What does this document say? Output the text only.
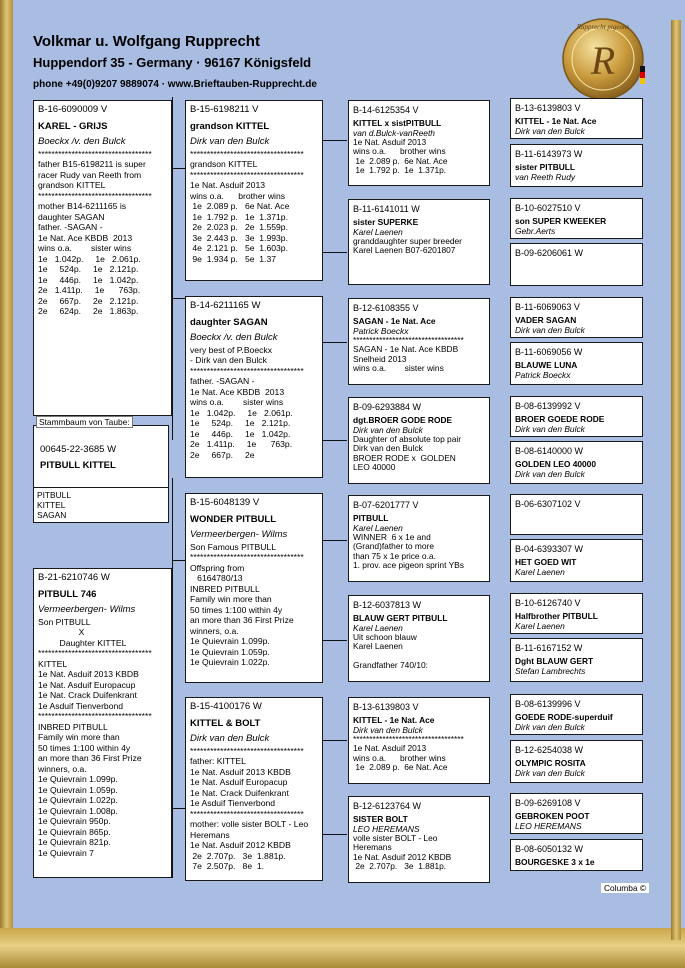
Volkmar u. Wolfgang Rupprecht
Huppendorf 35 - Germany · 96167 Königsfeld
phone +49(0)9207 9889074 · www.Brieftauben-Rupprecht.de
Rupprecht pigeons
R
Stammbaum von Taube:
00645-22-3685 W
PITBULL KITTEL
PITBULL
KITTEL
SAGAN
B-16-6090009 V
KAREL - GRIJS
Boeckx /v. den Bulck
**********************************
father B15-6198211 is super
racer Rudy van Reeth from
grandson KITTEL
**********************************
mother B14-6211165 is
daughter SAGAN
father. -SAGAN -
1e Nat. Ace KBDB  2013
wins o.a.        sister wins
1e   1.042p.     1e   2.061p.
1e     524p.     1e   2.121p.
1e     446p.     1e   1.042p.
2e   1.411p.     1e      763p.
2e     667p.     2e   2.121p.
2e     624p.     2e   1.863p.
B-21-6210746 W
PITBULL 746
Vermeerbergen- Wilms
Son PITBULL
X
Daughter KITTEL
**********************************
KITTEL
1e Nat. Asduif 2013 KBDB
1e Nat. Asduif Europacup
1e Nat. Crack Duifenkrant
1e Asduif Tienverbond
**********************************
INBRED PITBULL
Family win more than
50 times 1:100 within 4y
an more than 36 First Prize
winners, o.a.
1e Quievrain 1.099p.
1e Quievrain 1.059p.
1e Quievrain 1.022p.
1e Quievrain 1.008p.
1e Quievrain 950p.
1e Quievrain 865p.
1e Quievrain 821p.
1e Quievrain 7
B-15-6198211 V
grandson KITTEL
Dirk van den Bulck
**********************************
grandson KITTEL
**********************************
1e Nat. Asduif 2013
wins o.a.      brother wins
1e  2.089 p.   6e Nat. Ace
1e  1.792 p.   1e  1.371p.
2e  2.023 p.   2e  1.559p.
3e  2.443 p.   3e  1.993p.
4e  2.121 p.   5e  1.603p.
9e  1.934 p.   5e  1.37
B-14-6211165 W
daughter SAGAN
Boeckx /v. den Bulck
very best of P.Boeckx
- Dirk van den Bulck
**********************************
father. -SAGAN -
1e Nat. Ace KBDB  2013
wins o.a.        sister wins
1e   1.042p.     1e   2.061p.
1e     524p.     1e   2.121p.
1e     446p.     1e   1.042p.
2e   1.411p.     1e      763p.
2e     667p.     2e
B-15-6048139 V
WONDER PITBULL
Vermeerbergen- Wilms
Son Famous PITBULL
**********************************
Offspring from
6164780/13
INBRED PITBULL
Family win more than
50 times 1:100 within 4y
an more than 36 First Prize
winners, o.a.
1e Quievrain 1.099p.
1e Quievrain 1.059p.
1e Quievrain 1.022p.
B-15-4100176 W
KITTEL & BOLT
Dirk van den Bulck
**********************************
father: KITTEL
1e Nat. Asduif 2013 KBDB
1e Nat. Asduif Europacup
1e Nat. Crack Duifenkrant
1e Asduif Tienverbond
**********************************
mother: volle sister BOLT - Leo
Heremans
1e Nat. Asduif 2012 KBDB
2e  2.707p.   3e  1.881p.
7e  2.507p.   8e  1.
B-14-6125354 V
KITTEL x sistPITBULL
van d.Bulck-vanReeth
1e Nat. Asduif 2013
wins o.a.      brother wins
1e  2.089 p.  6e Nat. Ace
1e  1.792 p.  1e  1.371p.
B-11-6141011 W
sister SUPERKE
Karel Laenen
granddaughter super breeder
Karel Laenen B07-6201807
B-12-6108355 V
SAGAN - 1e Nat. Ace
Patrick Boeckx
**********************************
SAGAN - 1e Nat. Ace KBDB
Snelheid 2013
wins o.a.        sister wins
B-09-6293884 W
dgt.BROER GODE RODE
Dirk van den Bulck
Daughter of absolute top pair
Dirk van den Bulck
BROER RODE x  GOLDEN
LEO 40000
B-07-6201777 V
PITBULL
Karel Laenen
WINNER  6 x 1e and
(Grand)father to more
than 75 x 1e price o.a.
1. prov. ace pigeon sprint YBs
B-12-6037813 W
BLAUW GERT PITBULL
Karel Laenen
Uit schoon blauw
Karel Laenen

Grandfather 740/10:
B-13-6139803 V
KITTEL - 1e Nat. Ace
Dirk van den Bulck
**********************************
1e Nat. Asduif 2013
wins o.a.      brother wins
1e  2.089 p.  6e Nat. Ace
B-12-6123764 W
SISTER BOLT
LEO HEREMANS
volle sister BOLT - Leo
Heremans
1e Nat. Asduif 2012 KBDB
2e  2.707p.   3e  1.881p.
B-13-6139803 V
KITTEL - 1e Nat. Ace
Dirk van den Bulck
B-11-6143973 W
sister PITBULL
van Reeth Rudy
B-10-6027510 V
son SUPER KWEEKER
Gebr.Aerts
B-09-6206061 W
B-11-6069063 V
VADER SAGAN
Dirk van den Bulck
B-11-6069056 W
BLAUWE LUNA
Patrick Boeckx
B-08-6139992 V
BROER GOEDE RODE
Dirk van den Bulck
B-08-6140000 W
GOLDEN LEO 40000
Dirk van den Bulck
B-06-6307102 V
B-04-6393307 W
HET GOED WIT
Karel Laenen
B-10-6126740 V
Halfbrother PITBULL
Karel Laenen
B-11-6167152 W
Dght BLAUW GERT
Stefan Lambrechts
B-08-6139996 V
GOEDE RODE-superduif
Dirk van den Bulck
B-12-6254038 W
OLYMPIC ROSITA
Dirk van den Bulck
B-09-6269108 V
GEBROKEN POOT
LEO HEREMANS
B-08-6050132 W
BOURGESKE 3 x 1e
Columba ©
